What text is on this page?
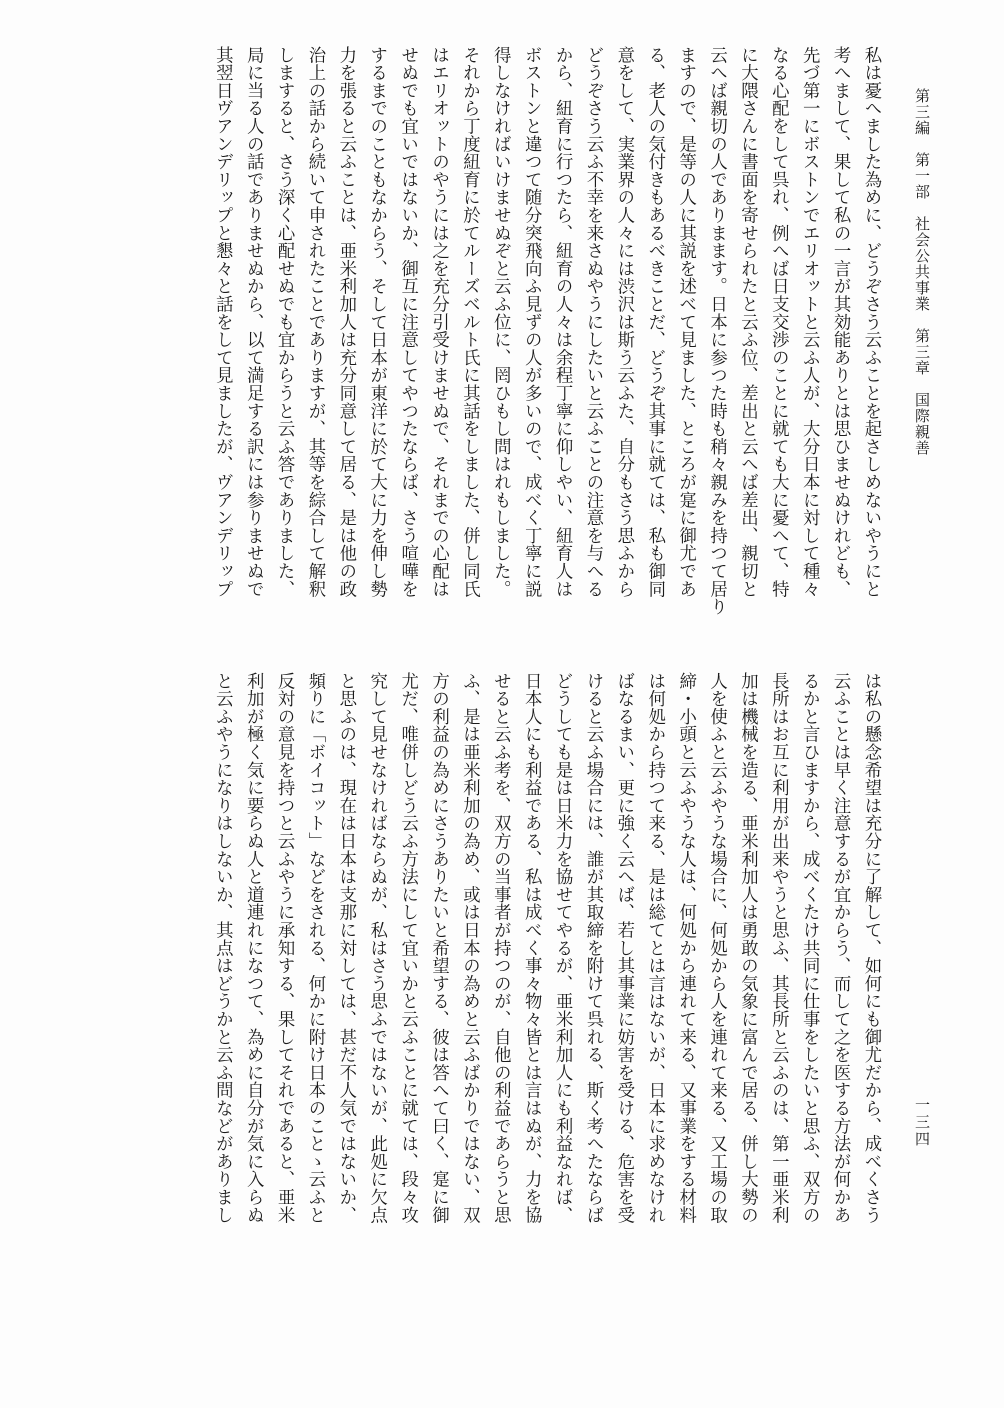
第三編　第一部　社会公共事業　第三章　国際親善
一三四
私は憂へました為めに、どうぞさう云ふことを起さしめないやうにと
考へまして、果して私の一言が其効能ありとは思ひませぬけれども、
先づ第一にボストンでエリオットと云ふ人が、大分日本に対して種々
なる心配をして呉れ、例へば日支交渉のことに就ても大に憂へて、特
に大隈さんに書面を寄せられたと云ふ位、差出と云へば差出、親切と
云へば親切の人でありまます。日本に参つた時も稍々親みを持つて居り
ますので、是等の人に其説を述べて見ました、ところが寔に御尤であ
る、老人の気付きもあるべきことだ、どうぞ其事に就ては、私も御同
意をして、実業界の人々には渋沢は斯う云ふた、自分もさう思ふから
どうぞさう云ふ不幸を来さぬやうにしたいと云ふことの注意を与へる
から、紐育に行つたら、紐育の人々は余程丁寧に仰しやい、紐育人は
ボストンと違つて随分突飛向ふ見ずの人が多いので、成べく丁寧に説
得しなければいけませぬぞと云ふ位に、罔ひもし問はれもしました。
それから丁度紐育に於てルーズベルト氏に其話をしました、併し同氏
はエリオットのやうには之を充分引受けませぬで、それまでの心配は
せぬでも宜いではないか、御互に注意してやつたならば、さう喧嘩を
するまでのこともなからう、そして日本が東洋に於て大に力を伸し勢
力を張ると云ふことは、亜米利加人は充分同意して居る、是は他の政
治上の話から続いて申されたことでありますが、其等を綜合して解釈
しますると、さう深く心配せぬでも宜からうと云ふ答でありました、
局に当る人の話でありませぬから、以て満足する訳には参りませぬで
其翌日ヴアンデリップと懇々と話をして見ましたが、ヴアンデリップ
は私の懸念希望は充分に了解して、如何にも御尤だから、成べくさう
云ふことは早く注意するが宜からう、而して之を医する方法が何かあ
るかと言ひますから、成べくたけ共同に仕事をしたいと思ふ、双方の
長所はお互に利用が出来やうと思ふ、其長所と云ふのは、第一亜米利
加は機械を造る、亜米利加人は勇敢の気象に富んで居る、併し大勢の
人を使ふと云ふやうな場合に、何処から人を連れて来る、又工場の取
締・小頭と云ふやうな人は、何処から連れて来る、又事業をする材料
は何処から持つて来る、是は総てとは言はないが、日本に求めなけれ
ばなるまい、更に強く云へば、若し其事業に妨害を受ける、危害を受
けると云ふ場合には、誰が其取締を附けて呉れる、斯く考へたならば
どうしても是は日米力を協せてやるが、亜米利加人にも利益なれば、
日本人にも利益である、私は成べく事々物々皆とは言はぬが、力を協
せると云ふ考を、双方の当事者が持つのが、自他の利益であらうと思
ふ、是は亜米利加の為め、或は日本の為めと云ふばかりではない、双
方の利益の為めにさうありたいと希望する、彼は答へて曰く、寔に御
尤だ、唯併しどう云ふ方法にして宜いかと云ふことに就ては、段々攻
究して見せなければならぬが、私はさう思ふではないが、此処に欠点
と思ふのは、現在は日本は支那に対しては、甚だ不人気ではないか、
頻りに「ボイコット」などをされる、何かに附け日本のことゝ云ふと
反対の意見を持つと云ふやうに承知する、果してそれであると、亜米
利加が極く気に要らぬ人と道連れになつて、為めに自分が気に入らぬ
と云ふやうになりはしないか、其点はどうかと云ふ問などがありまし
